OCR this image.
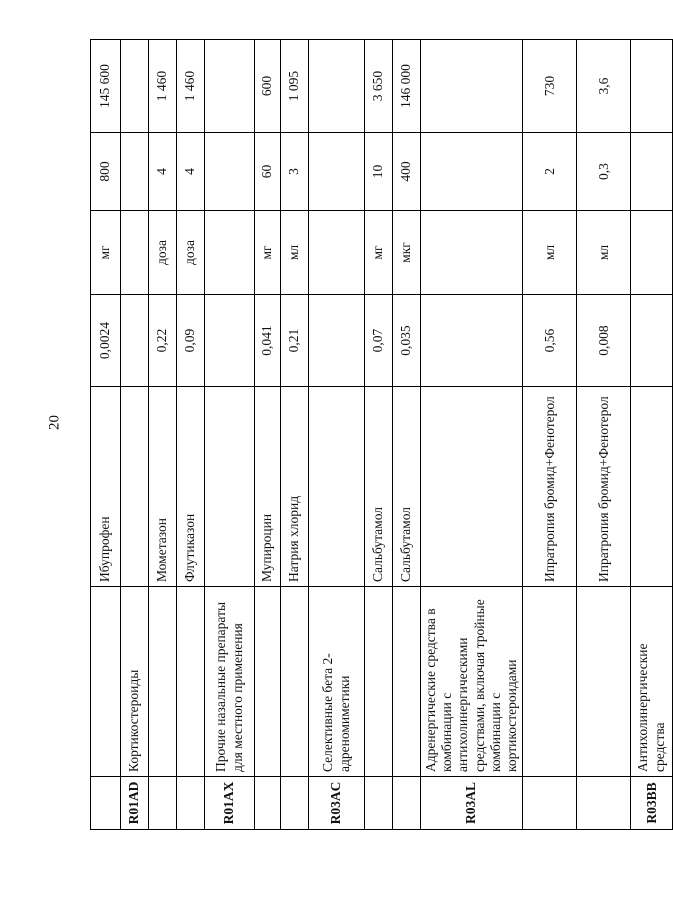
20
		Ибупрофен	0,0024	мг	800	145 600
R01AD	Кортикостероиды					
		Мометазон	0,22	доза	4	1 460
		Флутиказон	0,09	доза	4	1 460
R01AX	Прочие назальные препараты для местного применения					
		Мупироцин	0,041	мг	60	600
		Натрия хлорид	0,21	мл	3	1 095
R03AC	Селективные бета 2-адреномиметики					
		Сальбутамол	0,07	мг	10	3 650
		Сальбутамол	0,035	мкг	400	146 000
R03AL	Адренергические средства в комбинации с антихолинергическими средствами, включая тройные комбинации с кортикостероидами					
		Ипратропия бромид+Фенотерол	0,56	мл	2	730
		Ипратропия бромид+Фенотерол	0,008	мл	0,3	3,6
R03BB	Антихолинергические средства					
